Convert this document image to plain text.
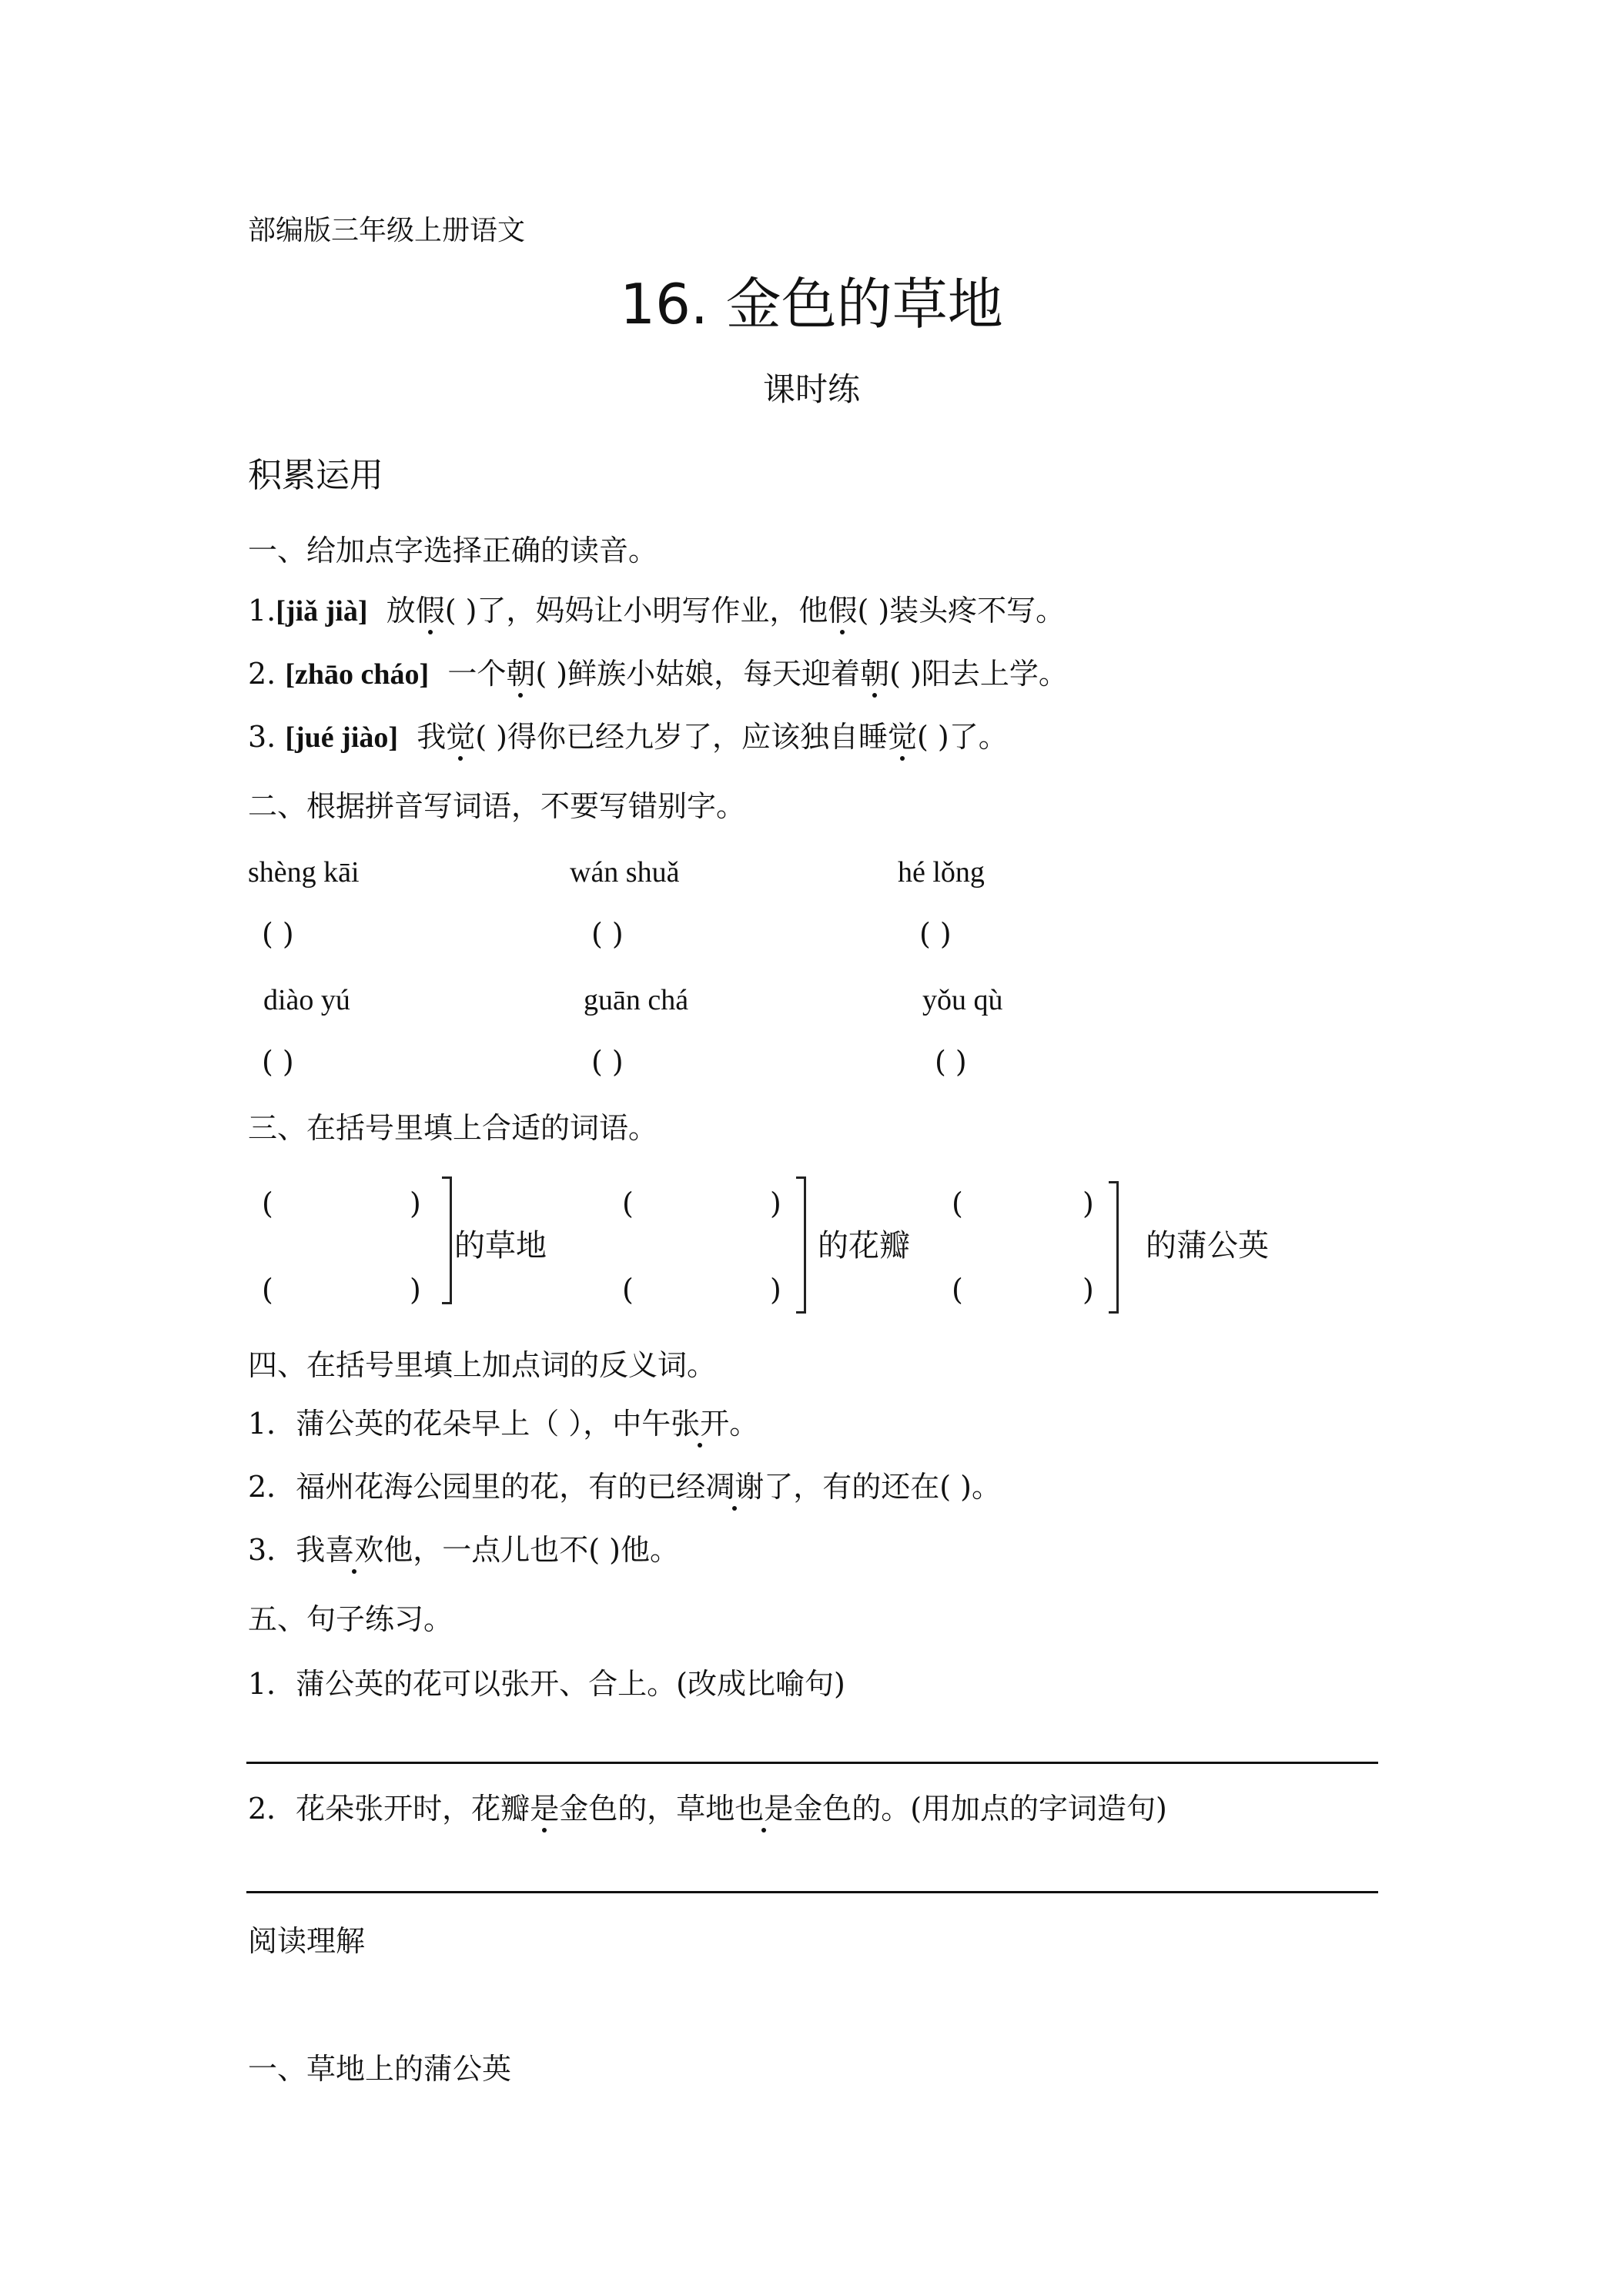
部编版三年级上册语文
16. 金色的草地
课时练
积累运用
一、给加点字选择正确的读音。
1.[jiǎ jià] 放假( )了，妈妈让小明写作业，他假( )装头疼不写。
2. [zhāo cháo] 一个朝( )鲜族小姑娘，每天迎着朝( )阳去上学。
3. [jué jiào] 我觉( )得你已经九岁了，应该独自睡觉( )了。
二、根据拼音写词语，不要写错别字。
shèng kāi	wán shuǎ	hé lǒng
( )	( )	( )
diào yú	guān chá	yǒu qù
( )	( )	( )
三、在括号里填上合适的词语。
(	)
(	)
的草地
(	)
(	)
的花瓣
(	)
(	)
的蒲公英
四、在括号里填上加点词的反义词。
1．蒲公英的花朵早上（ ），中午张开。
2．福州花海公园里的花，有的已经凋谢了，有的还在( )。
3．我喜欢他，一点儿也不( )他。
五、句子练习。
1．蒲公英的花可以张开、合上。(改成比喻句)
2．花朵张开时，花瓣是金色的，草地也是金色的。(用加点的字词造句)
阅读理解
一、草地上的蒲公英
